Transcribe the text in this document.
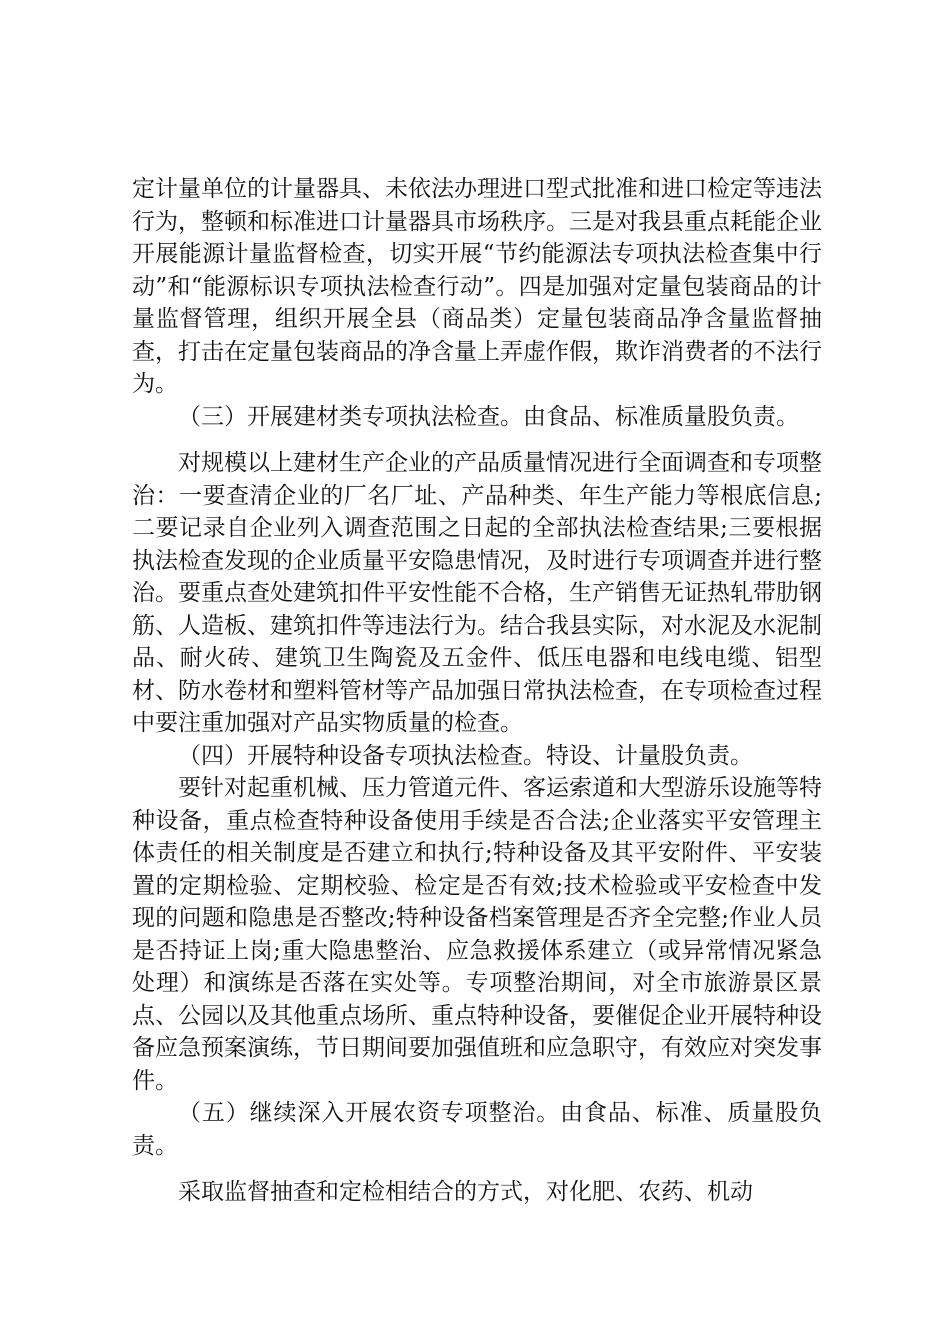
定计量单位的计量器具、未依法办理进口型式批准和进口检定等违法行为，整顿和标准进口计量器具市场秩序。三是对我县重点耗能企业开展能源计量监督检查，切实开展“节约能源法专项执法检查集中行动”和“能源标识专项执法检查行动”。四是加强对定量包装商品的计量监督管理，组织开展全县（商品类）定量包装商品净含量监督抽查，打击在定量包装商品的净含量上弄虚作假，欺诈消费者的不法行为。

（三）开展建材类专项执法检查。由食品、标准质量股负责。

对规模以上建材生产企业的产品质量情况进行全面调查和专项整治：一要查清企业的厂名厂址、产品种类、年生产能力等根底信息;二要记录自企业列入调查范围之日起的全部执法检查结果;三要根据执法检查发现的企业质量平安隐患情况，及时进行专项调查并进行整治。要重点查处建筑扣件平安性能不合格，生产销售无证热轧带肋钢筋、人造板、建筑扣件等违法行为。结合我县实际，对水泥及水泥制品、耐火砖、建筑卫生陶瓷及五金件、低压电器和电线电缆、铝型材、防水卷材和塑料管材等产品加强日常执法检查，在专项检查过程中要注重加强对产品实物质量的检查。

（四）开展特种设备专项执法检查。特设、计量股负责。

要针对起重机械、压力管道元件、客运索道和大型游乐设施等特种设备，重点检查特种设备使用手续是否合法;企业落实平安管理主体责任的相关制度是否建立和执行;特种设备及其平安附件、平安装置的定期检验、定期校验、检定是否有效;技术检验或平安检查中发现的问题和隐患是否整改;特种设备档案管理是否齐全完整;作业人员是否持证上岗;重大隐患整治、应急救援体系建立（或异常情况紧急处理）和演练是否落在实处等。专项整治期间，对全市旅游景区景点、公园以及其他重点场所、重点特种设备，要催促企业开展特种设备应急预案演练，节日期间要加强值班和应急职守，有效应对突发事件。

（五）继续深入开展农资专项整治。由食品、标准、质量股负责。

采取监督抽查和定检相结合的方式，对化肥、农药、机动
